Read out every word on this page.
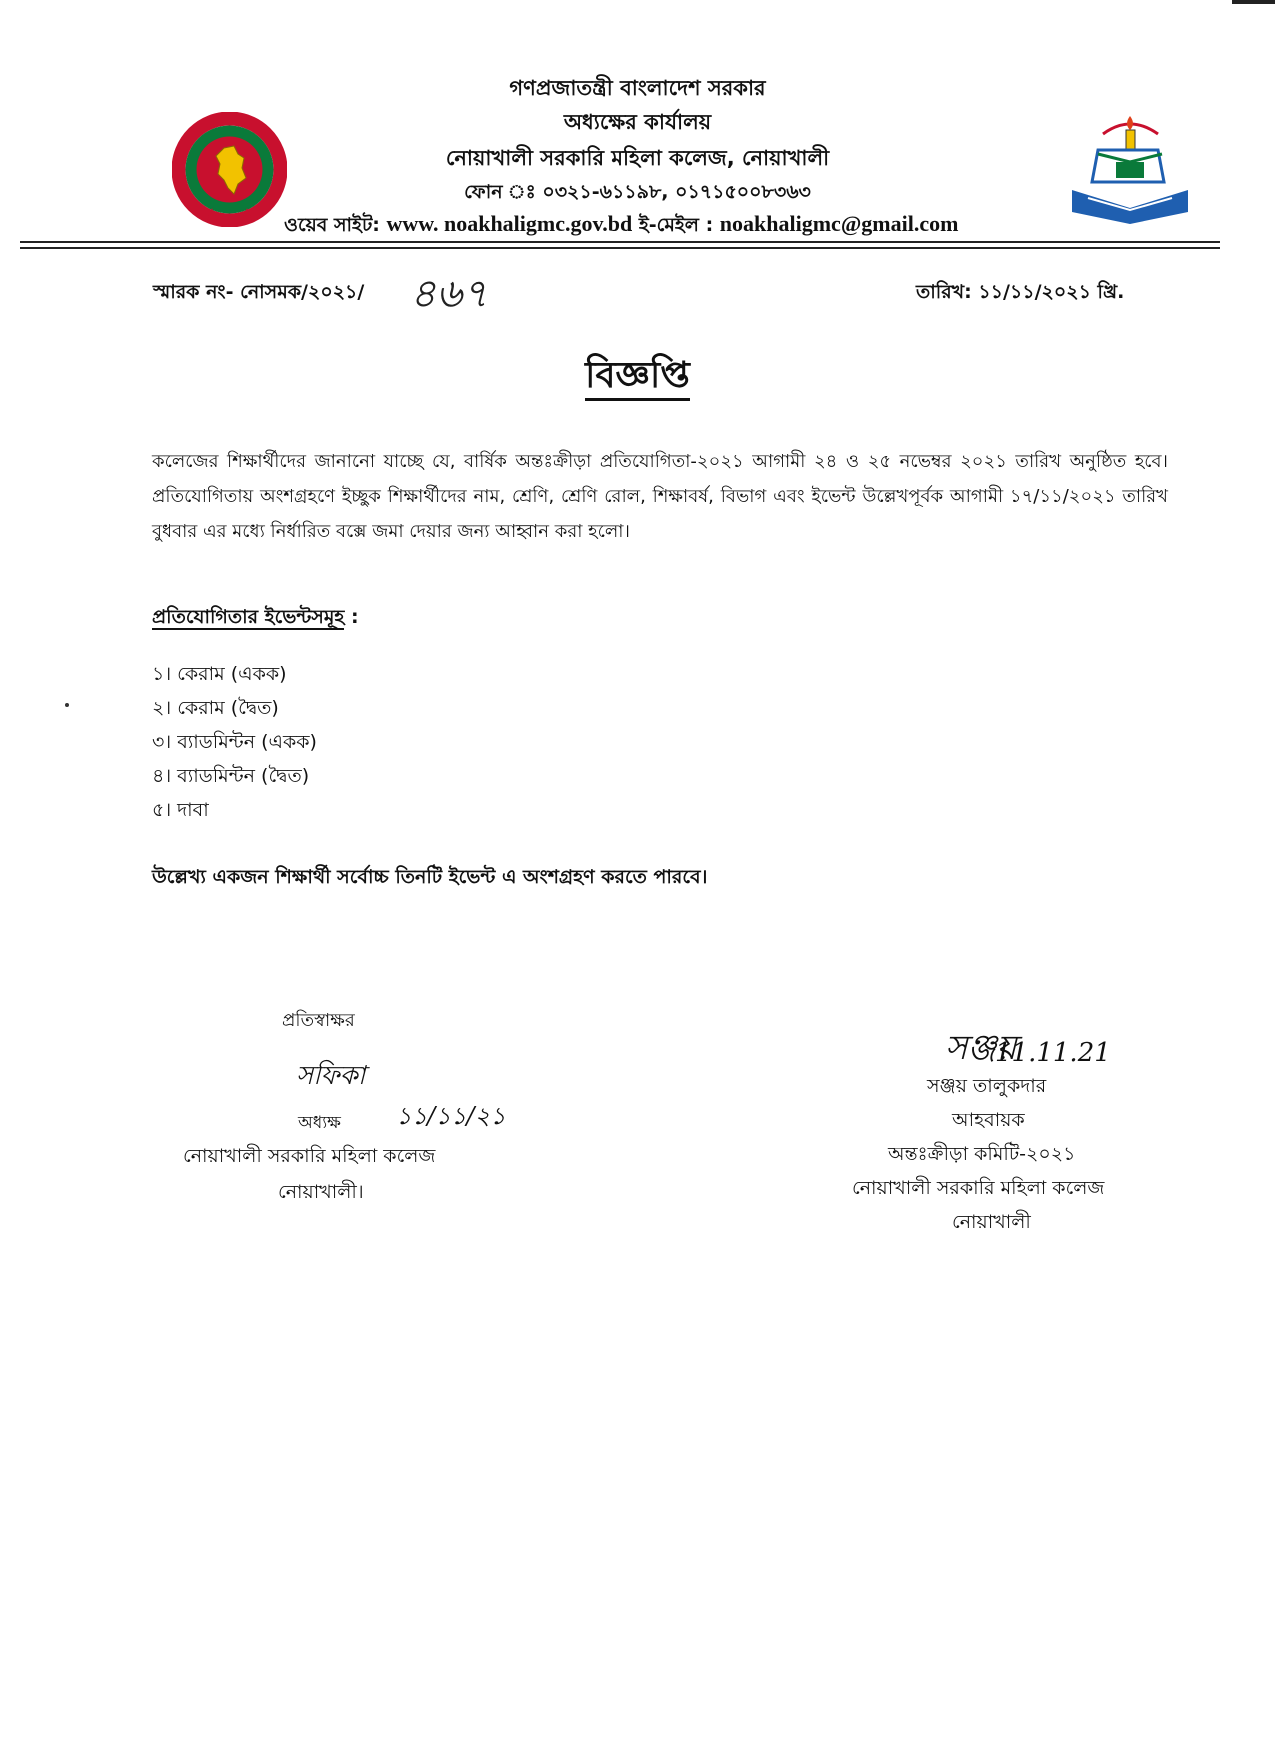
গণপ্রজাতন্ত্রী বাংলাদেশ সরকার
অধ্যক্ষের কার্যালয়
নোয়াখালী সরকারি মহিলা কলেজ, নোয়াখালী
ফোন ঃ ০৩২১-৬১১৯৮, ০১৭১৫০০৮৩৬৩
ওয়েব সাইট: www. noakhaligmc.gov.bd ই-মেইল : noakhaligmc@gmail.com
স্মারক নং- নোসমক/২০২১/ ৪৬৭	তারিখ: ১১/১১/২০২১ খ্রি.
বিজ্ঞপ্তি
কলেজের শিক্ষার্থীদের জানানো যাচ্ছে যে, বার্ষিক অন্তঃক্রীড়া প্রতিযোগিতা-২০২১ আগামী ২৪ ও ২৫ নভেম্বর ২০২১ তারিখ অনুষ্ঠিত হবে। প্রতিযোগিতায় অংশগ্রহণে ইচ্ছুক শিক্ষার্থীদের নাম, শ্রেণি, শ্রেণি রোল, শিক্ষাবর্ষ, বিভাগ এবং ইভেন্ট উল্লেখপূর্বক আগামী ১৭/১১/২০২১ তারিখ বুধবার এর মধ্যে নির্ধারিত বক্সে জমা দেয়ার জন্য আহ্বান করা হলো।
প্রতিযোগিতার ইভেন্টসমূহ :
১। কেরাম (একক)
২। কেরাম (দ্বৈত)
৩। ব্যাডমিন্টন (একক)
৪। ব্যাডমিন্টন (দ্বৈত)
৫। দাবা
উল্লেখ্য একজন শিক্ষার্থী সর্বোচ্চ তিনটি ইভেন্ট এ অংশগ্রহণ করতে পারবে।
প্রতিস্বাক্ষর
সফিকা
১১/১১/২১
অধ্যক্ষ
নোয়াখালী সরকারি মহিলা কলেজ
নোয়াখালী।
সঞ্জয়
11.11.21
সঞ্জয় তালুকদার
আহবায়ক
অন্তঃক্রীড়া কমিটি-২০২১
নোয়াখালী সরকারি মহিলা কলেজ
নোয়াখালী
